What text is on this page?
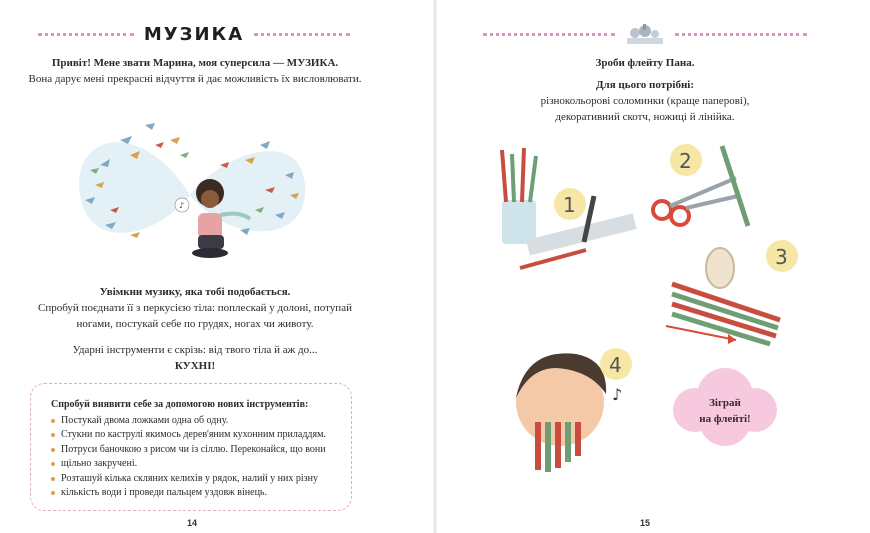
МУЗИКА
Привіт! Мене звати Марина, моя суперсила — МУЗИКА.
Вона дарує мені прекрасні відчуття й дає можливість їх висловлювати.
♪
Увімкни музику, яка тобі подобається.
Спробуй поєднати її з перкусією тіла: поплескай у долоні, потупай
ногами, постукай себе по грудях, ногах чи животу.
Ударні інструменти є скрізь: від твого тіла й аж до...
КУХНІ!
Спробуй виявити себе за допомогою нових інструментів:
Постукай двома ложками одна об одну.
Стукни по каструлі якимось дерев'яним кухонним приладдям.
Потруси баночкою з рисом чи із сіллю. Переконайся, що вони
щільно закручені.
Розташуй кілька скляних келихів у рядок, налий у них різну
кількість води і проведи пальцем уздовж вінець.
14
Зроби флейту Пана.
Для цього потрібні:
різнокольорові соломинки (краще паперові),
декоративний скотч, ножиці й лінійка.
♪
1
2
3
4
Зіграй
на флейті!
15
